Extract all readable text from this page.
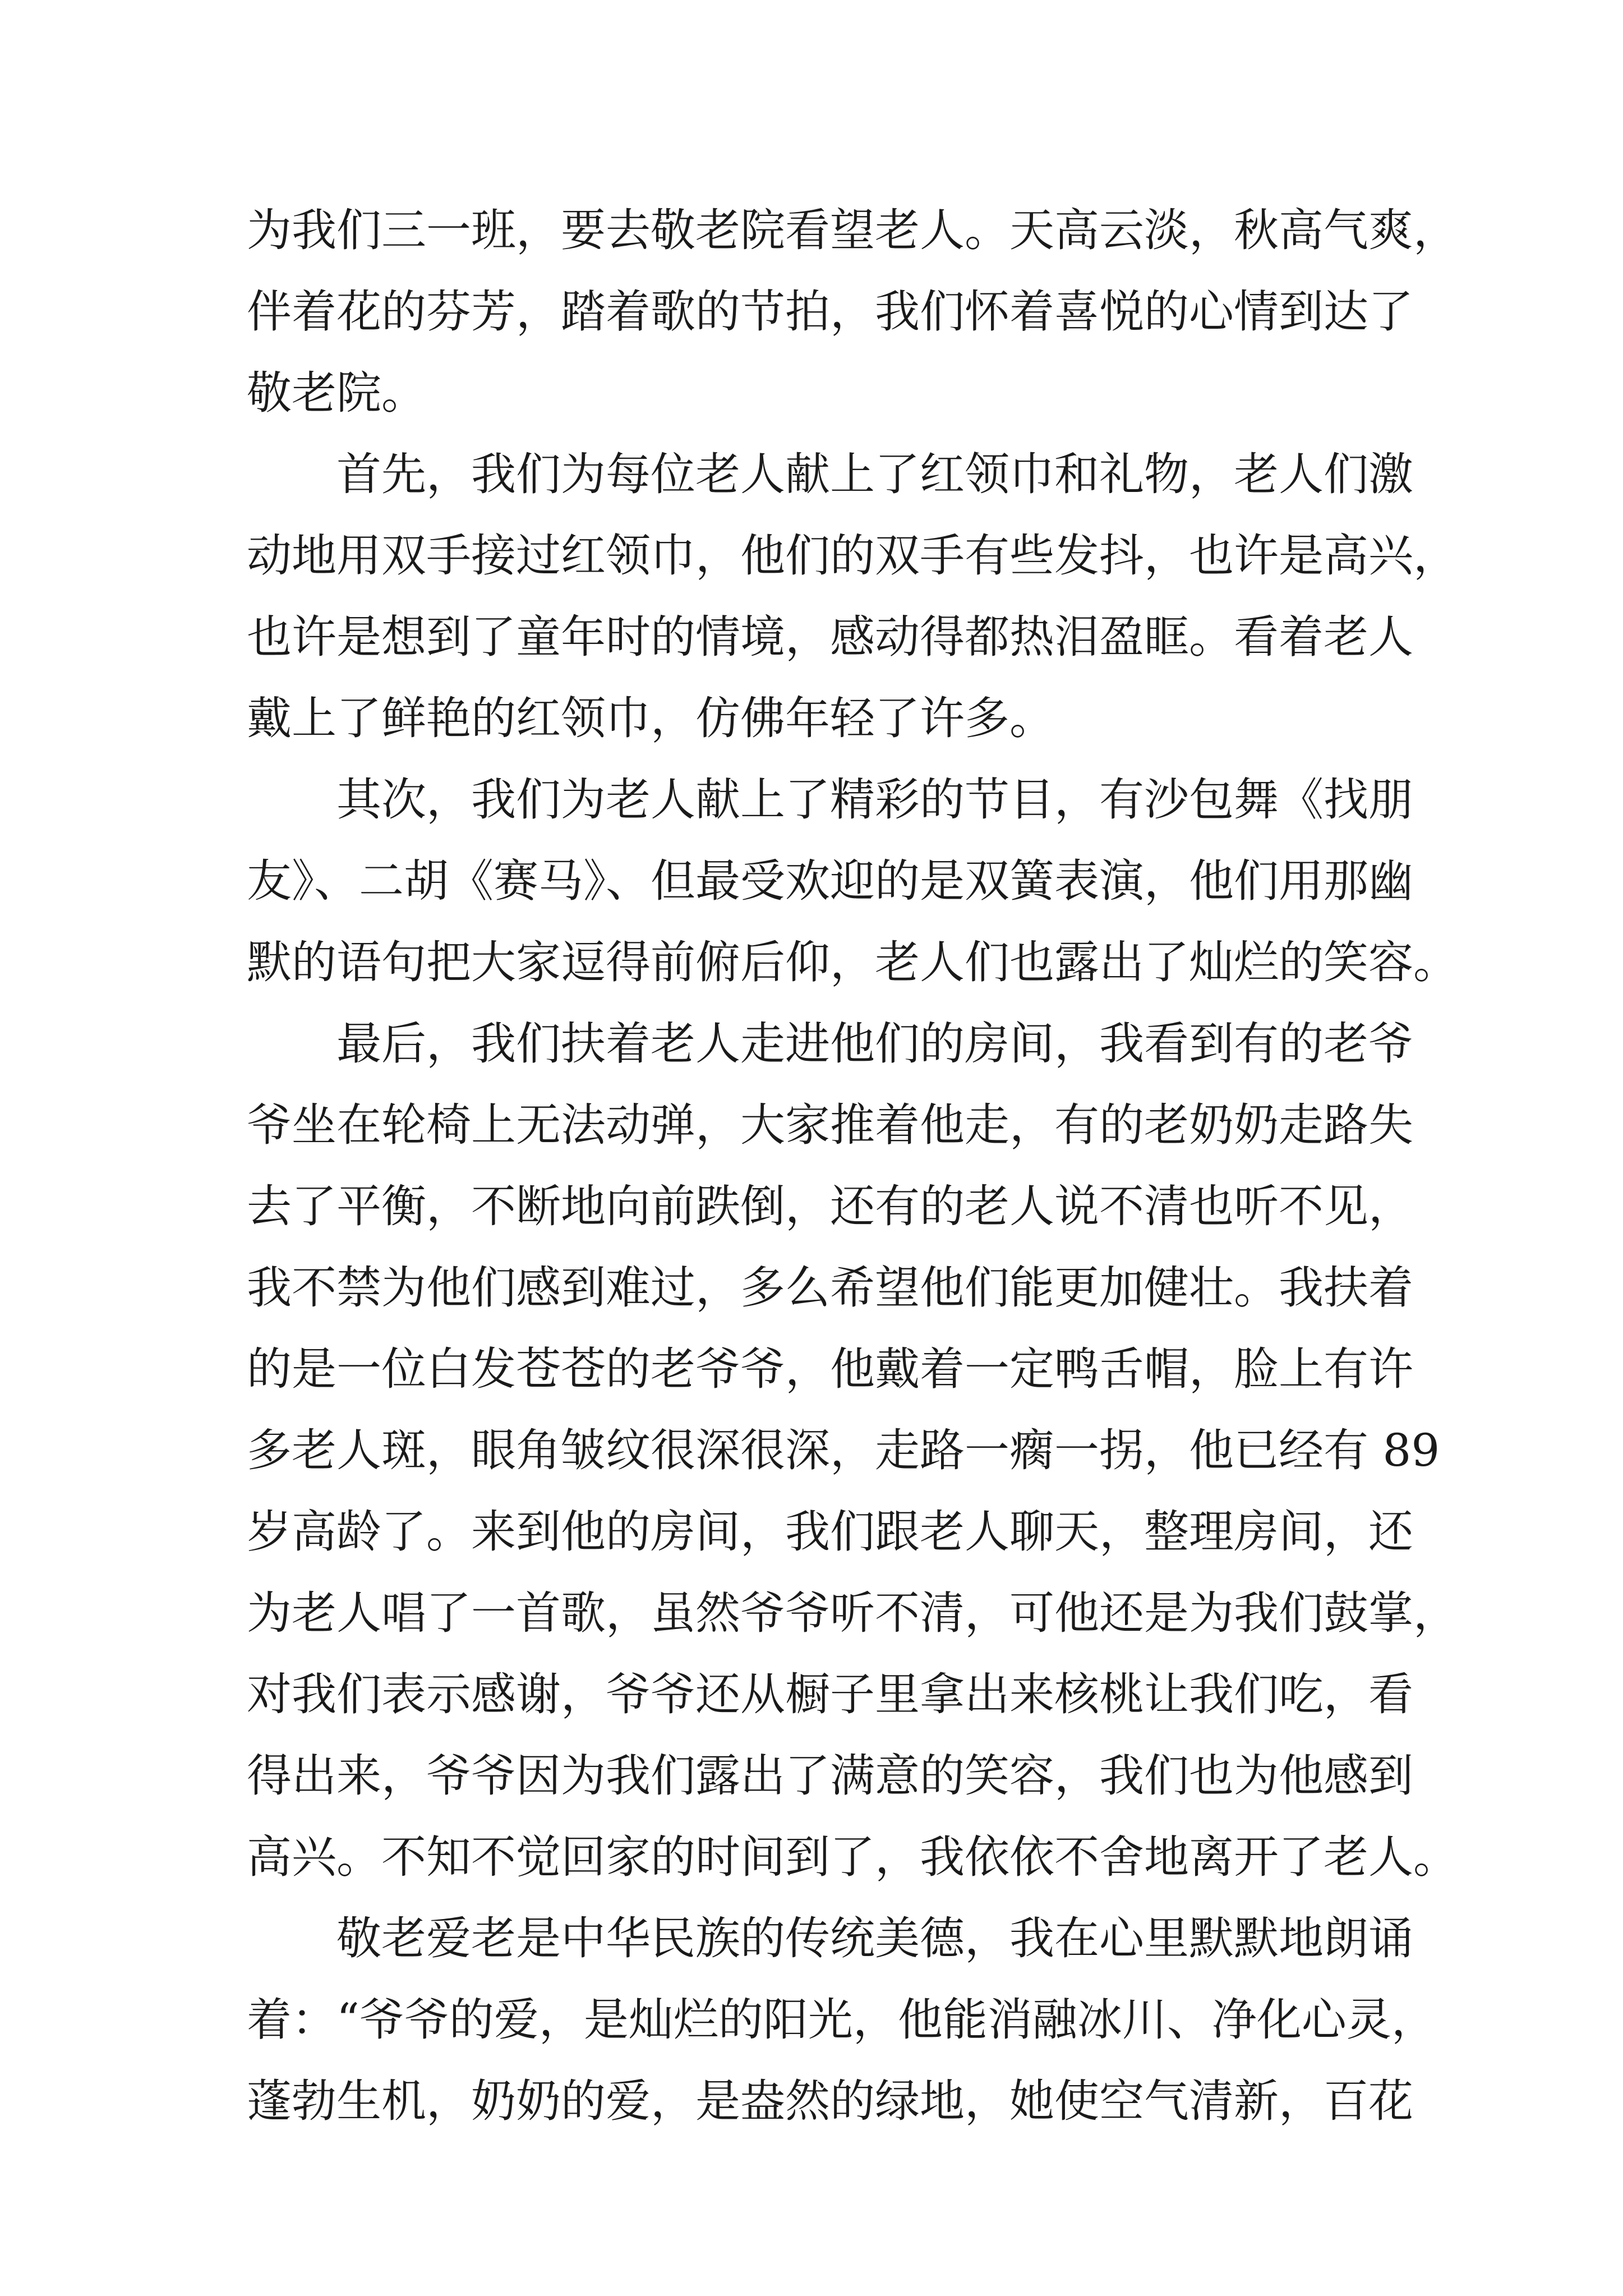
为我们三一班，要去敬老院看望老人。天高云淡，秋高气爽，
伴着花的芬芳，踏着歌的节拍，我们怀着喜悦的心情到达了
敬老院。
首先，我们为每位老人献上了红领巾和礼物，老人们激
动地用双手接过红领巾，他们的双手有些发抖，也许是高兴，
也许是想到了童年时的情境，感动得都热泪盈眶。看着老人
戴上了鲜艳的红领巾，仿佛年轻了许多。
其次，我们为老人献上了精彩的节目，有沙包舞《找朋
友》、二胡《赛马》、但最受欢迎的是双簧表演，他们用那幽
默的语句把大家逗得前俯后仰，老人们也露出了灿烂的笑容。
最后，我们扶着老人走进他们的房间，我看到有的老爷
爷坐在轮椅上无法动弹，大家推着他走，有的老奶奶走路失
去了平衡，不断地向前跌倒，还有的老人说不清也听不见，
我不禁为他们感到难过，多么希望他们能更加健壮。我扶着
的是一位白发苍苍的老爷爷，他戴着一定鸭舌帽，脸上有许
多老人斑，眼角皱纹很深很深，走路一瘸一拐，他已经有 89
岁高龄了。来到他的房间，我们跟老人聊天，整理房间，还
为老人唱了一首歌，虽然爷爷听不清，可他还是为我们鼓掌，
对我们表示感谢，爷爷还从橱子里拿出来核桃让我们吃，看
得出来，爷爷因为我们露出了满意的笑容，我们也为他感到
高兴。不知不觉回家的时间到了，我依依不舍地离开了老人。
敬老爱老是中华民族的传统美德，我在心里默默地朗诵
着：“爷爷的爱，是灿烂的阳光，他能消融冰川、净化心灵，
蓬勃生机，奶奶的爱，是盎然的绿地，她使空气清新，百花
